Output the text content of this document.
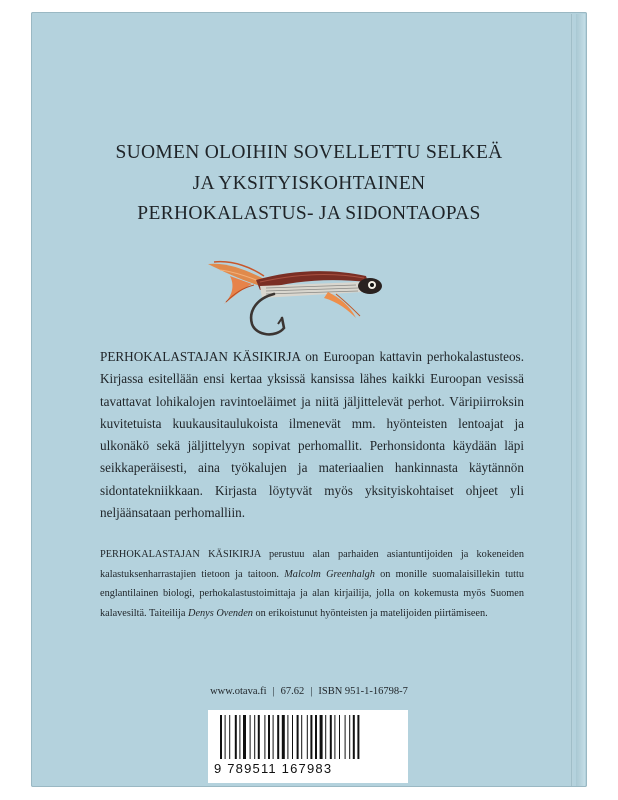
SUOMEN OLOIHIN SOVELLETTU SELKEÄ
JA YKSITYISKOHTAINEN
PERHOKALASTUS- JA SIDONTAOPAS
PERHOKALASTAJAN KÄSIKIRJA on Euroopan kattavin perhokalastusteos. Kirjassa esitellään ensi kertaa yksissä kansissa lähes kaikki Euroopan vesissä tavattavat lohikalojen ravintoeläimet ja niitä jäljittelevät perhot. Väripiirroksin kuvitetuista kuukausitaulukoista ilmenevät mm. hyönteisten lentoajat ja ulkonäkö sekä jäljittelyyn sopivat perhomallit. Perhonsidonta käydään läpi seikkaperäisesti, aina työkalujen ja materiaalien hankinnasta käytännön sidontatekniikkaan. Kirjasta löytyvät myös yksityiskohtaiset ohjeet yli neljäänsataan perhomalliin.
PERHOKALASTAJAN KÄSIKIRJA perustuu alan parhaiden asiantuntijoiden ja kokeneiden kalastuksenharrastajien tietoon ja taitoon. Malcolm Greenhalgh on monille suomalaisillekin tuttu englantilainen biologi, perhokalastustoimittaja ja alan kirjailija, jolla on kokemusta myös Suomen kalavesiltä. Taiteilija Denys Ovenden on erikoistunut hyönteisten ja matelijoiden piirtämiseen.
www.otava.fi | 67.62 | ISBN 951-1-16798-7
9 789511 167983
